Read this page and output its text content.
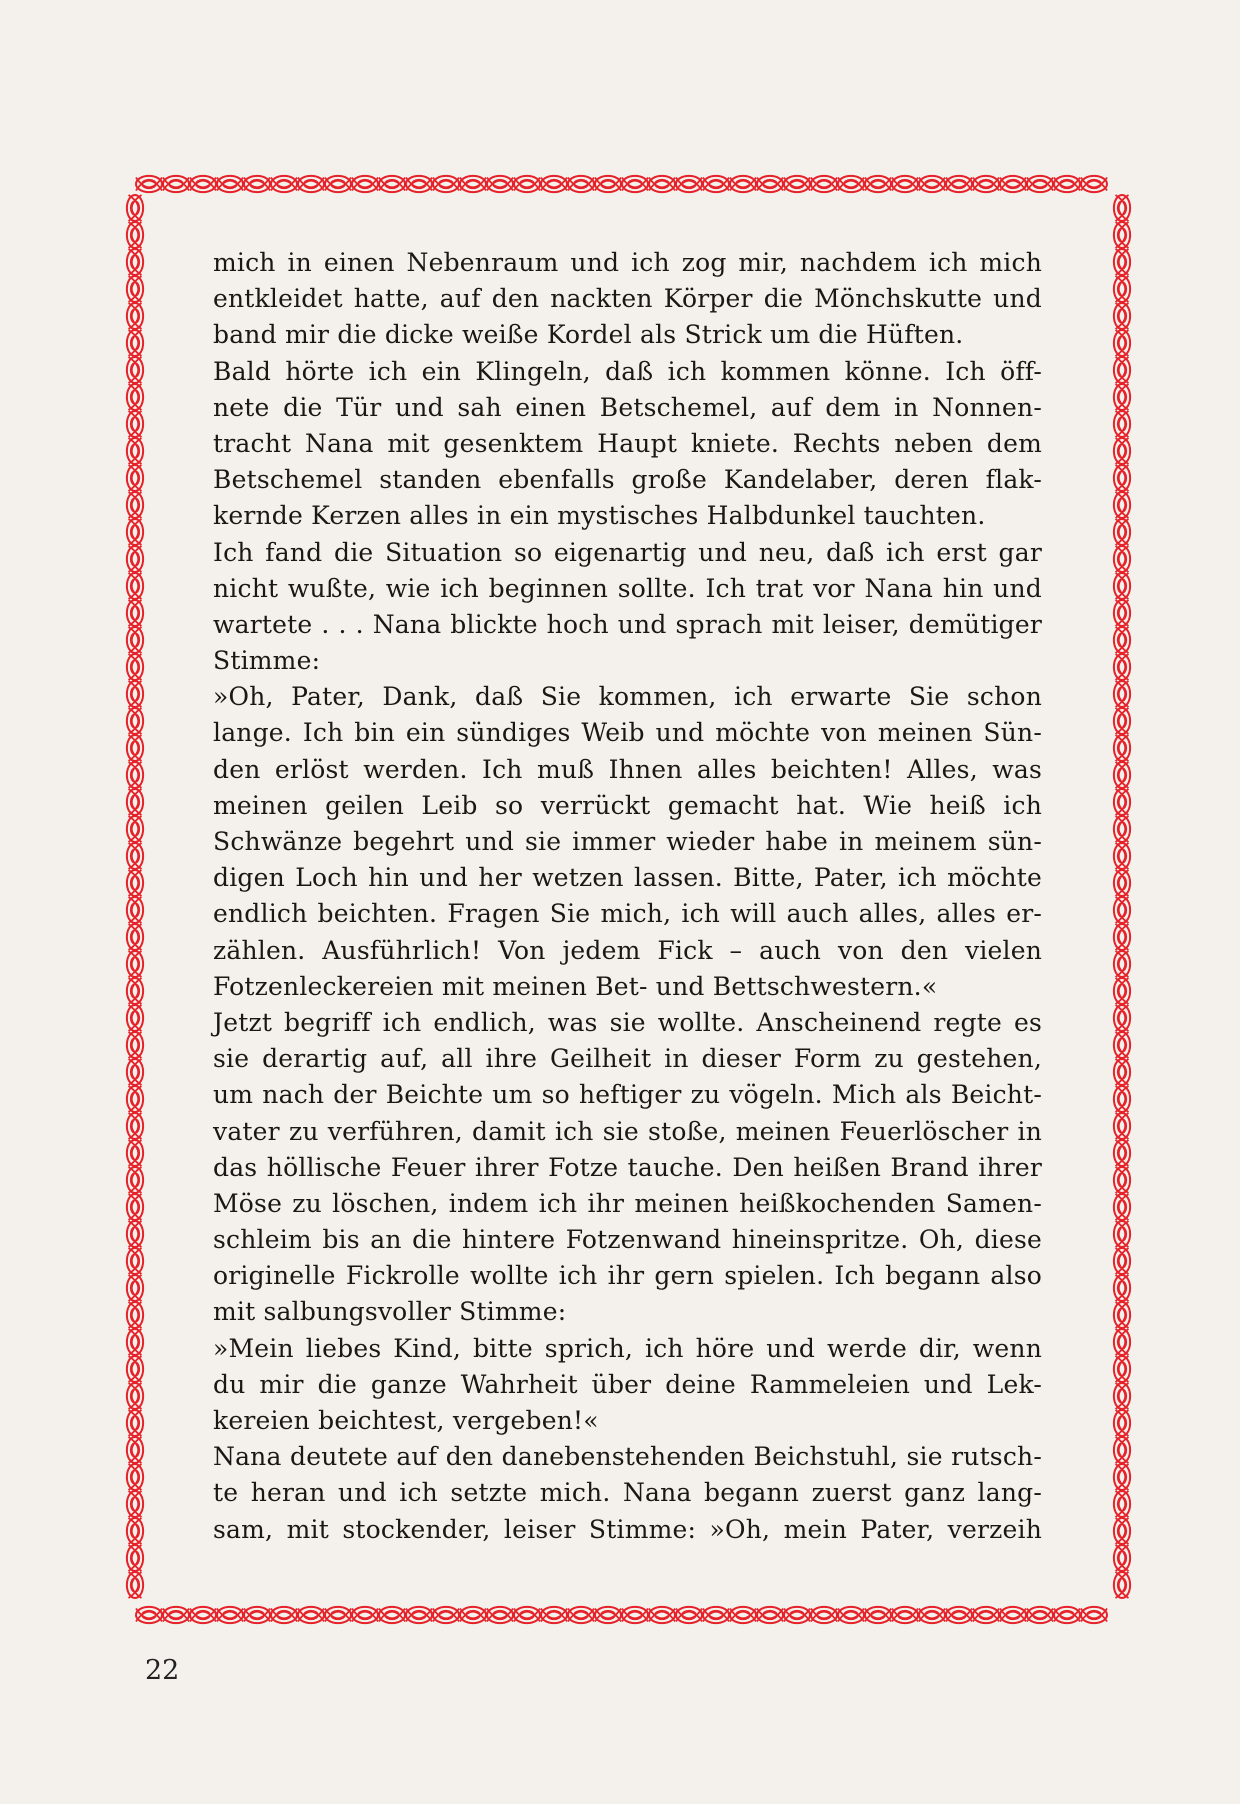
mich in einen Nebenraum und ich zog mir, nachdem ich mich
entkleidet hatte, auf den nackten Körper die Mönchskutte und
band mir die dicke weiße Kordel als Strick um die Hüften.
Bald hörte ich ein Klingeln, daß ich kommen könne. Ich öff-
nete die Tür und sah einen Betschemel, auf dem in Nonnen-
tracht Nana mit gesenktem Haupt kniete. Rechts neben dem
Betschemel standen ebenfalls große Kandelaber, deren flak-
kernde Kerzen alles in ein mystisches Halbdunkel tauchten.
Ich fand die Situation so eigenartig und neu, daß ich erst gar
nicht wußte, wie ich beginnen sollte. Ich trat vor Nana hin und
wartete . . . Nana blickte hoch und sprach mit leiser, demütiger
Stimme:
»Oh, Pater, Dank, daß Sie kommen, ich erwarte Sie schon
lange. Ich bin ein sündiges Weib und möchte von meinen Sün-
den erlöst werden. Ich muß Ihnen alles beichten! Alles, was
meinen geilen Leib so verrückt gemacht hat. Wie heiß ich
Schwänze begehrt und sie immer wieder habe in meinem sün-
digen Loch hin und her wetzen lassen. Bitte, Pater, ich möchte
endlich beichten. Fragen Sie mich, ich will auch alles, alles er-
zählen. Ausführlich! Von jedem Fick – auch von den vielen
Fotzenleckereien mit meinen Bet- und Bettschwestern.«
Jetzt begriff ich endlich, was sie wollte. Anscheinend regte es
sie derartig auf, all ihre Geilheit in dieser Form zu gestehen,
um nach der Beichte um so heftiger zu vögeln. Mich als Beicht-
vater zu verführen, damit ich sie stoße, meinen Feuerlöscher in
das höllische Feuer ihrer Fotze tauche. Den heißen Brand ihrer
Möse zu löschen, indem ich ihr meinen heißkochenden Samen-
schleim bis an die hintere Fotzenwand hineinspritze. Oh, diese
originelle Fickrolle wollte ich ihr gern spielen. Ich begann also
mit salbungsvoller Stimme:
»Mein liebes Kind, bitte sprich, ich höre und werde dir, wenn
du mir die ganze Wahrheit über deine Rammeleien und Lek-
kereien beichtest, vergeben!«
Nana deutete auf den danebenstehenden Beichstuhl, sie rutsch-
te heran und ich setzte mich. Nana begann zuerst ganz lang-
sam, mit stockender, leiser Stimme: »Oh, mein Pater, verzeih
22
